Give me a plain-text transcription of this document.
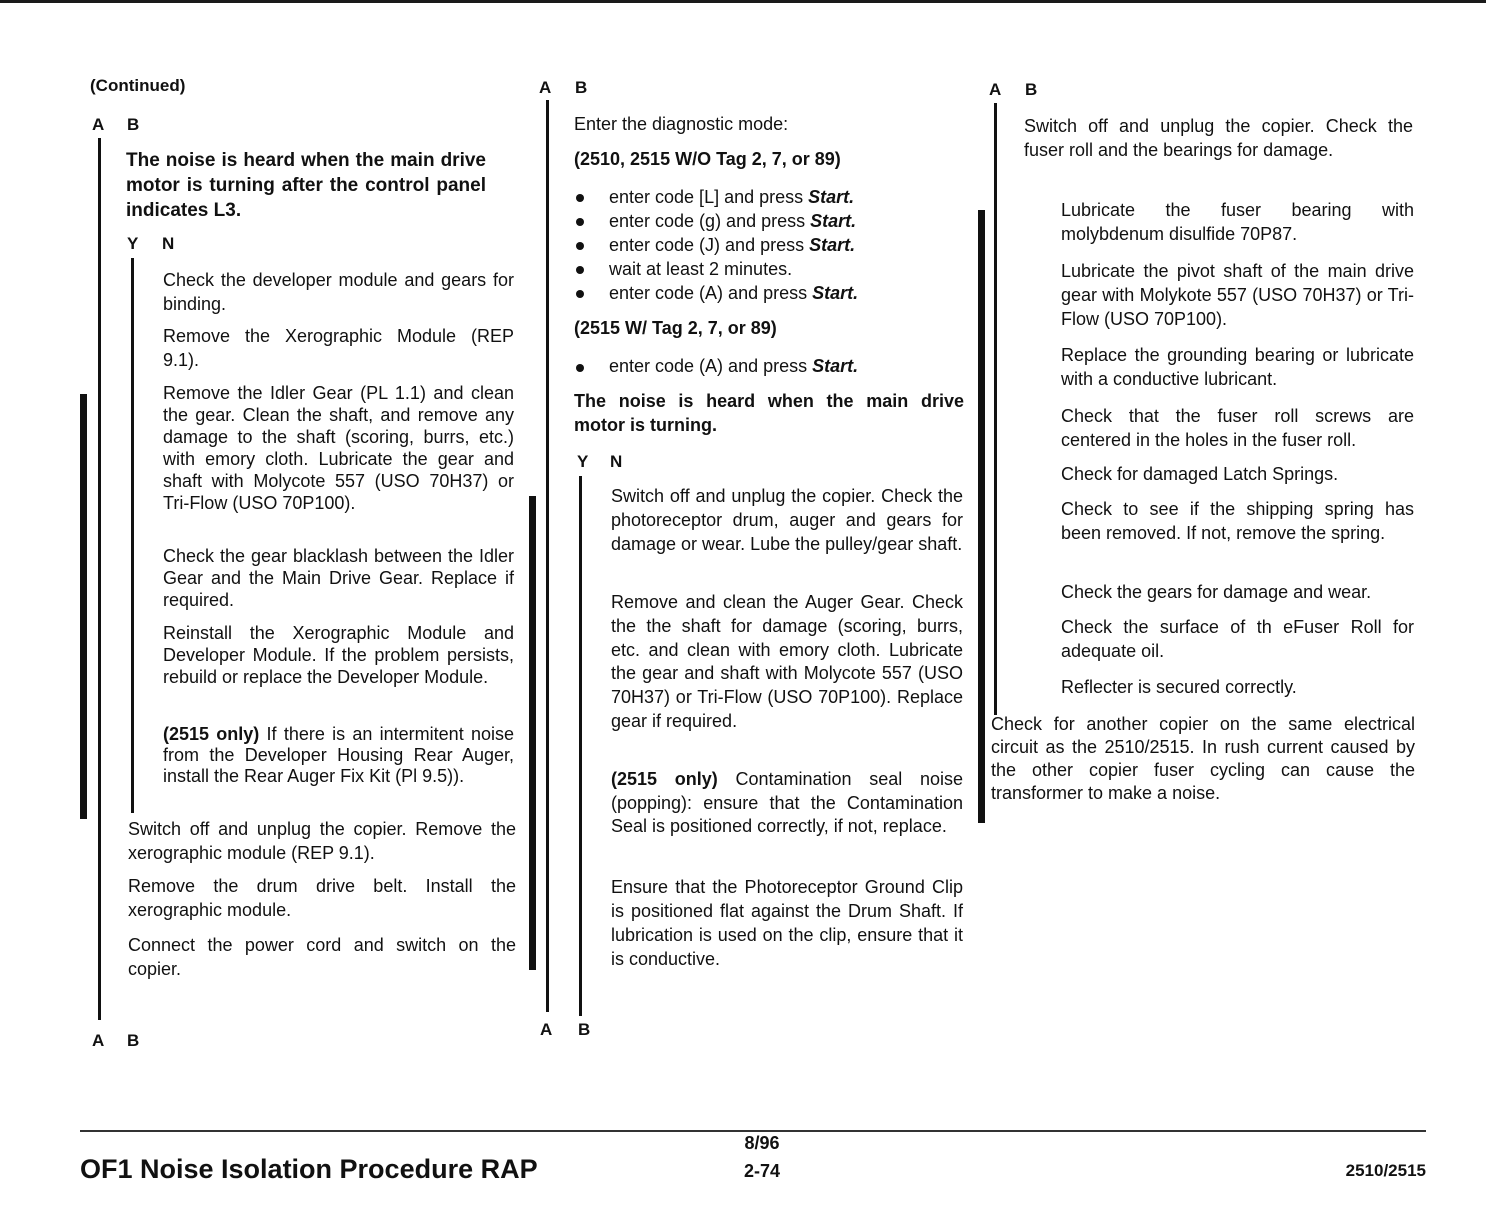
(Continued)
A B

The noise is heard when the main drive motor is turning after the control panel indicates L3.

Y N

Check the developer module and gears for binding.

Remove the Xerographic Module (REP 9.1).

Remove the Idler Gear (PL 1.1) and clean the gear. Clean the shaft, and remove any damage to the shaft (scoring, burrs, etc.) with emory cloth. Lubricate the gear and shaft with Molycote 557 (USO 70H37) or Tri-Flow (USO 70P100).

Check the gear blacklash between the Idler Gear and the Main Drive Gear. Replace if required.

Reinstall the Xerographic Module and Developer Module. If the problem persists, rebuild or replace the Developer Module.

(2515 only) If there is an intermitent noise from the Developer Housing Rear Auger, install the Rear Auger Fix Kit (Pl 9.5)).

Switch off and unplug the copier. Remove the xerographic module (REP 9.1).

Remove the drum drive belt. Install the xerographic module.

Connect the power cord and switch on the copier.

A B
A B

Enter the diagnostic mode:

(2510, 2515 W/O Tag 2, 7, or 89)

enter code [L] and press Start.
enter code (g) and press Start.
enter code (J) and press Start.
wait at least 2 minutes.
enter code (A) and press Start.

(2515 W/ Tag 2, 7, or 89)

enter code (A) and press Start.

The noise is heard when the main drive motor is turning.

Y N

Switch off and unplug the copier. Check the photoreceptor drum, auger and gears for damage or wear. Lube the pulley/gear shaft.

Remove and clean the Auger Gear. Check the the shaft for damage (scoring, burrs, etc. and clean with emory cloth. Lubricate the gear and shaft with Molycote 557 (USO 70H37) or Tri-Flow (USO 70P100). Replace gear if required.

(2515 only) Contamination seal noise (popping): ensure that the Contamination Seal is positioned correctly, if not, replace.

Ensure that the Photoreceptor Ground Clip is positioned flat against the Drum Shaft. If lubrication is used on the clip, ensure that it is conductive.

A B
A B

Switch off and unplug the copier. Check the fuser roll and the bearings for damage.

Lubricate the fuser bearing with molybdenum disulfide 70P87.

Lubricate the pivot shaft of the main drive gear with Molykote 557 (USO 70H37) or Tri-Flow (USO 70P100).

Replace the grounding bearing or lubricate with a conductive lubricant.

Check that the fuser roll screws are centered in the holes in the fuser roll.

Check for damaged Latch Springs.

Check to see if the shipping spring has been removed. If not, remove the spring.

Check the gears for damage and wear.

Check the surface of th eFuser Roll for adequate oil.

Reflecter is secured correctly.

Check for another copier on the same electrical circuit as the 2510/2515. In rush current caused by the other copier fuser cycling can cause the transformer to make a noise.

OF1 Noise Isolation Procedure RAP
8/96
2-74	2510/2515
